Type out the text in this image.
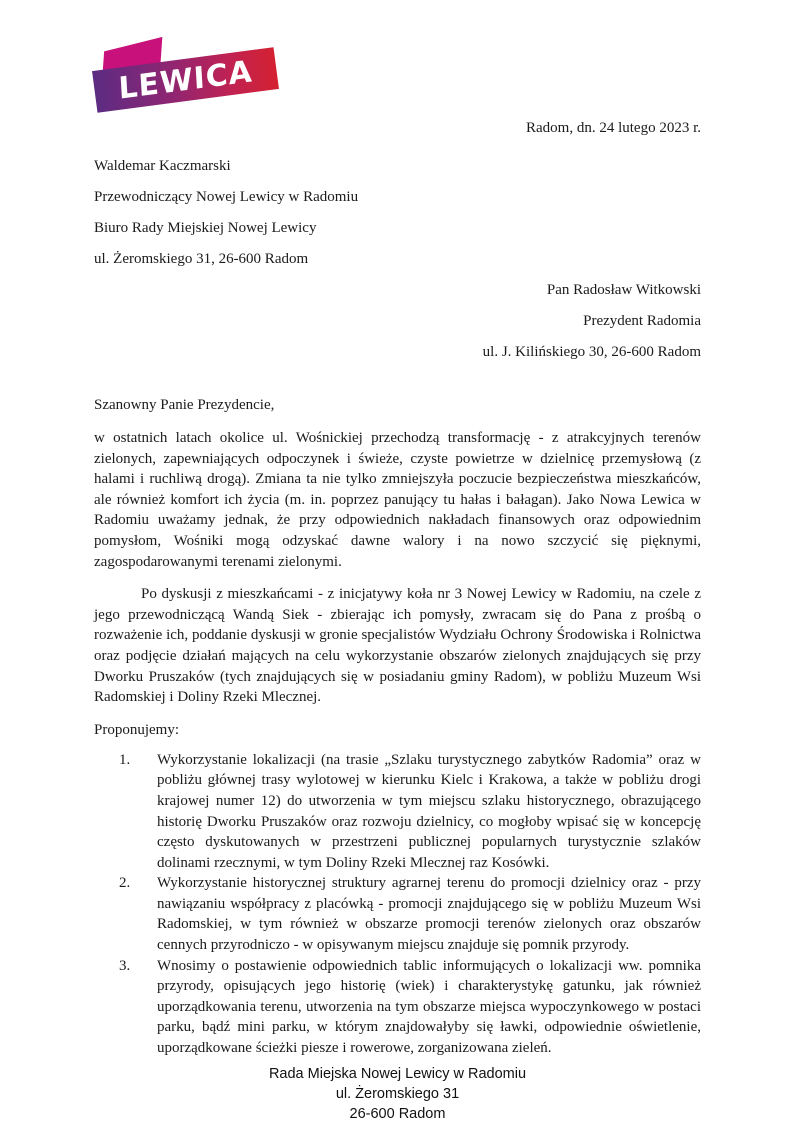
LEWICA

Radom, dn. 24 lutego 2023 r.

Waldemar Kaczmarski

Przewodniczący Nowej Lewicy w Radomiu

Biuro Rady Miejskiej Nowej Lewicy

ul. Żeromskiego 31, 26-600 Radom

Pan Radosław Witkowski

Prezydent Radomia

ul. J. Kilińskiego 30, 26-600 Radom

Szanowny Panie Prezydencie,

w ostatnich latach okolice ul. Wośnickiej przechodzą transformację - z atrakcyjnych terenów zielonych, zapewniających odpoczynek i świeże, czyste powietrze w dzielnicę przemysłową (z halami i ruchliwą drogą). Zmiana ta nie tylko zmniejszyła poczucie bezpieczeństwa mieszkańców, ale również komfort ich życia (m. in. poprzez panujący tu hałas i bałagan). Jako Nowa Lewica w Radomiu uważamy jednak, że przy odpowiednich nakładach finansowych oraz odpowiednim pomysłom, Wośniki mogą odzyskać dawne walory i na nowo szczycić się pięknymi, zagospodarowanymi terenami zielonymi.

Po dyskusji z mieszkańcami - z inicjatywy koła nr 3 Nowej Lewicy w Radomiu, na czele z jego przewodniczącą Wandą Siek - zbierając ich pomysły, zwracam się do Pana z prośbą o rozważenie ich, poddanie dyskusji w gronie specjalistów Wydziału Ochrony Środowiska i Rolnictwa oraz podjęcie działań mających na celu wykorzystanie obszarów zielonych znajdujących się przy Dworku Pruszaków (tych znajdujących się w posiadaniu gminy Radom), w pobliżu Muzeum Wsi Radomskiej i Doliny Rzeki Mlecznej.

Proponujemy:

1.	Wykorzystanie lokalizacji (na trasie „Szlaku turystycznego zabytków Radomia” oraz w pobliżu głównej trasy wylotowej w kierunku Kielc i Krakowa, a także w pobliżu drogi krajowej numer 12) do utworzenia w tym miejscu szlaku historycznego, obrazującego historię Dworku Pruszaków oraz rozwoju dzielnicy, co mogłoby wpisać się w koncepcję często dyskutowanych w przestrzeni publicznej popularnych turystycznie szlaków dolinami rzecznymi, w tym Doliny Rzeki Mlecznej raz Kosówki.
2.	Wykorzystanie historycznej struktury agrarnej terenu do promocji dzielnicy oraz - przy nawiązaniu współpracy z placówką - promocji znajdującego się w pobliżu Muzeum Wsi Radomskiej, w tym również w obszarze promocji terenów zielonych oraz obszarów cennych przyrodniczo - w opisywanym miejscu znajduje się pomnik przyrody.
3.	Wnosimy o postawienie odpowiednich tablic informujących o lokalizacji ww. pomnika przyrody, opisujących jego historię (wiek) i charakterystykę gatunku, jak również uporządkowania terenu, utworzenia na tym obszarze miejsca wypoczynkowego w postaci parku, bądź mini parku, w którym znajdowałyby się ławki, odpowiednie oświetlenie, uporządkowane ścieżki piesze i rowerowe, zorganizowana zieleń.

Rada Miejska Nowej Lewicy w Radomiu

ul. Żeromskiego 31

26-600 Radom
